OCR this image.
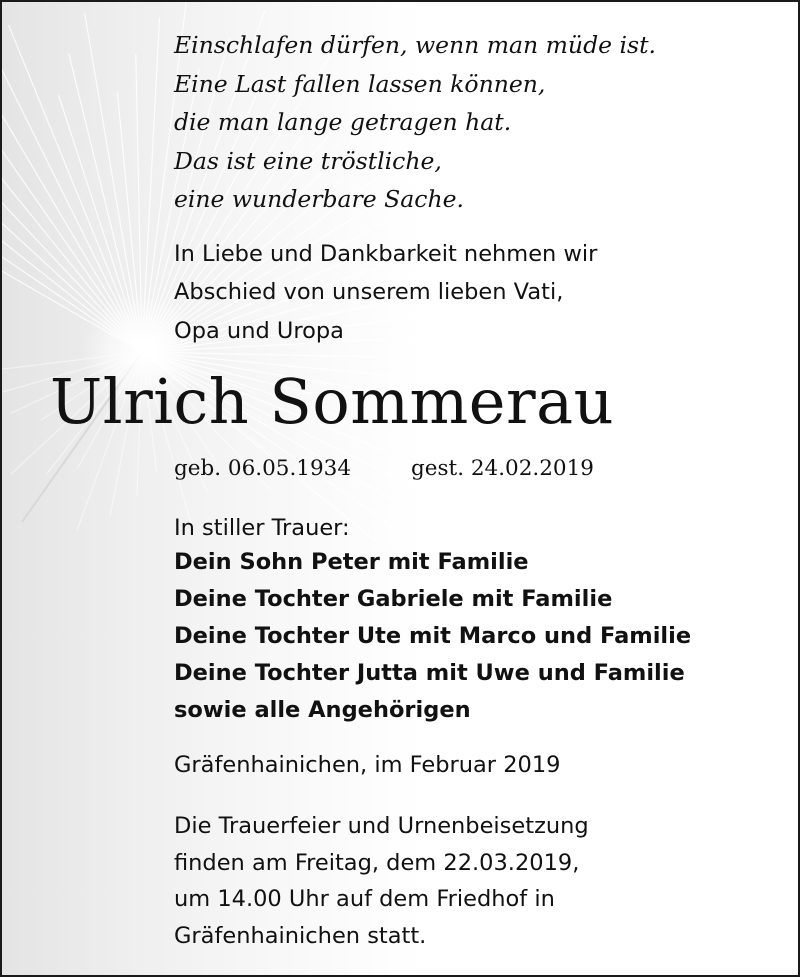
Einschlafen dürfen, wenn man müde ist.
Eine Last fallen lassen können,
die man lange getragen hat.
Das ist eine tröstliche,
eine wunderbare Sache.
In Liebe und Dankbarkeit nehmen wir
Abschied von unserem lieben Vati,
Opa und Uropa
Ulrich Sommerau
geb. 06.05.1934	gest. 24.02.2019
In stiller Trauer:
Dein Sohn Peter mit Familie
Deine Tochter Gabriele mit Familie
Deine Tochter Ute mit Marco und Familie
Deine Tochter Jutta mit Uwe und Familie
sowie alle Angehörigen
Gräfenhainichen, im Februar 2019
Die Trauerfeier und Urnenbeisetzung
finden am Freitag, dem 22.03.2019,
um 14.00 Uhr auf dem Friedhof in
Gräfenhainichen statt.
